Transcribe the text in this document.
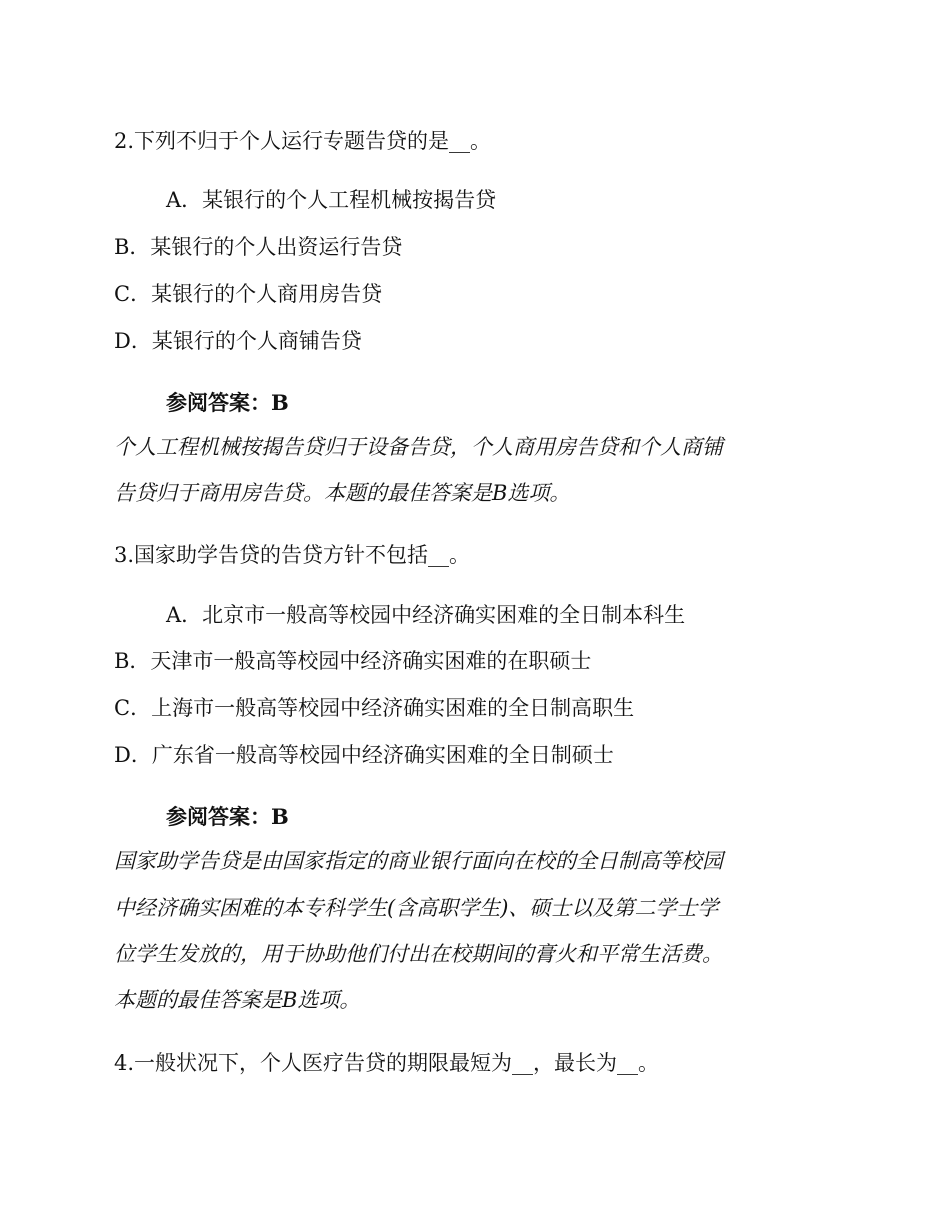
2.下列不归于个人运行专题告贷的是__。
A．某银行的个人工程机械按揭告贷
B．某银行的个人出资运行告贷
C．某银行的个人商用房告贷
D．某银行的个人商铺告贷
参阅答案：B
个人工程机械按揭告贷归于设备告贷，个人商用房告贷和个人商铺
告贷归于商用房告贷。本题的最佳答案是B选项。
3.国家助学告贷的告贷方针不包括__。
A．北京市一般高等校园中经济确实困难的全日制本科生
B．天津市一般高等校园中经济确实困难的在职硕士
C．上海市一般高等校园中经济确实困难的全日制高职生
D．广东省一般高等校园中经济确实困难的全日制硕士
参阅答案：B
国家助学告贷是由国家指定的商业银行面向在校的全日制高等校园
中经济确实困难的本专科学生(含高职学生)、硕士以及第二学士学
位学生发放的，用于协助他们付出在校期间的膏火和平常生活费。
本题的最佳答案是B选项。
4.一般状况下，个人医疗告贷的期限最短为__，最长为__。
